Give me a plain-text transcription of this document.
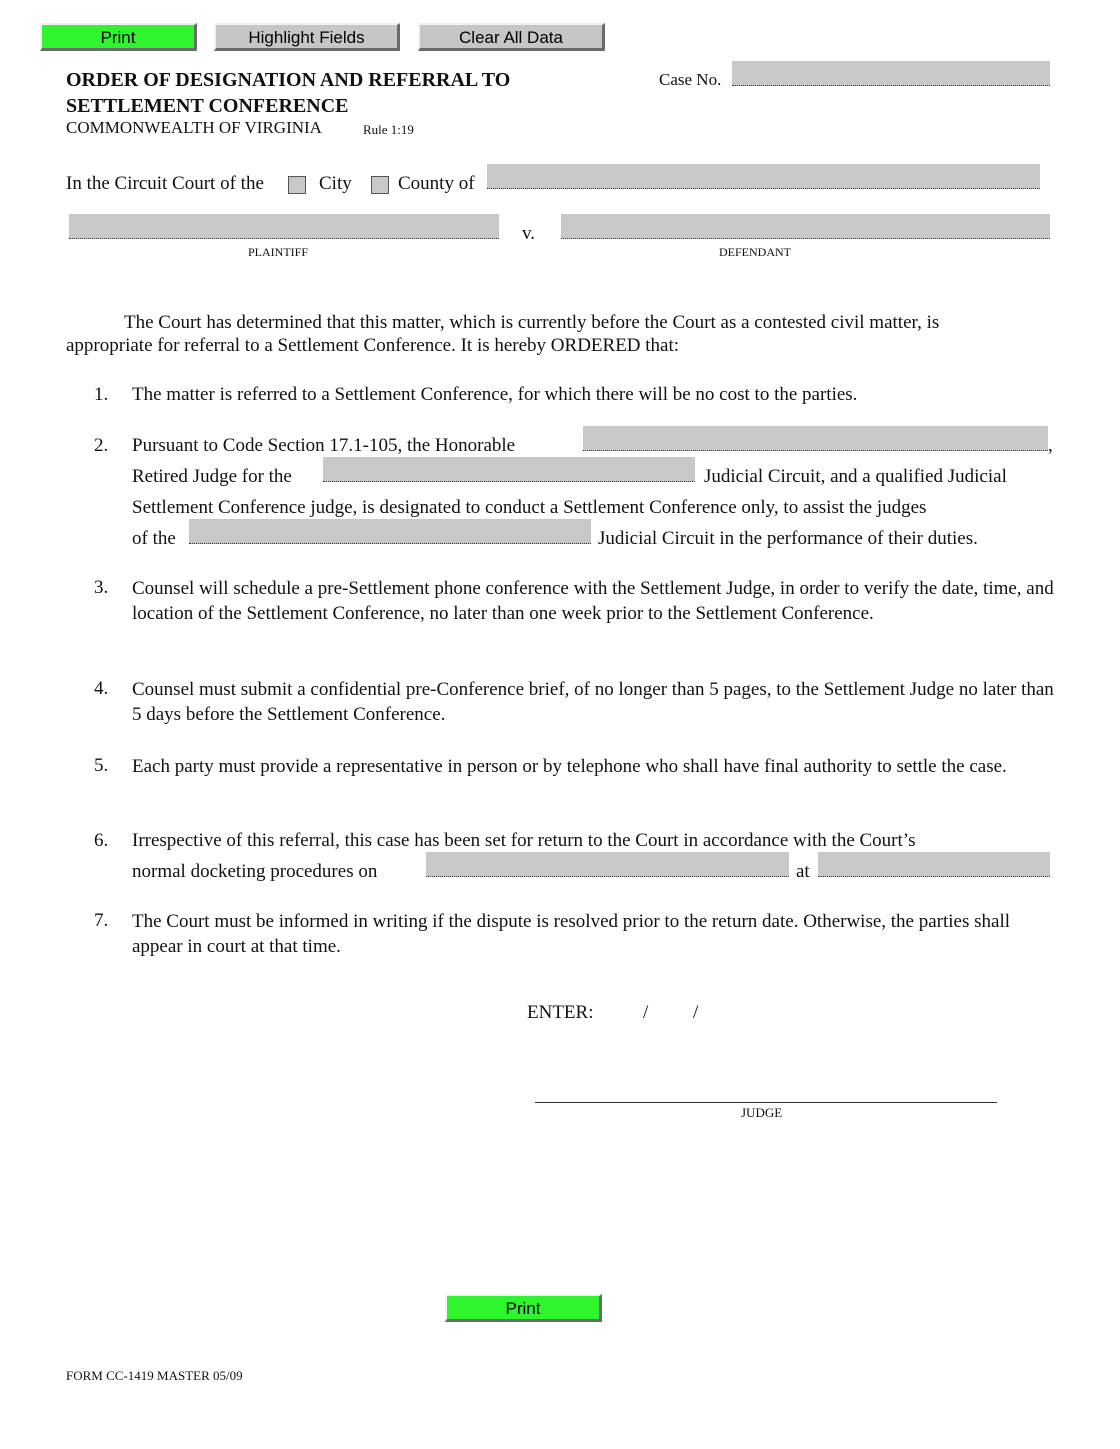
Print	Highlight Fields	Clear All Data
ORDER OF DESIGNATION AND REFERRAL TO
SETTLEMENT CONFERENCE
COMMONWEALTH OF VIRGINIA	Rule 1:19
Case No.
In the Circuit Court of the	City County of
v.
PLAINTIFF	DEFENDANT
The Court has determined that this matter, which is currently before the Court as a contested civil matter, is
appropriate for referral to a Settlement Conference. It is hereby ORDERED that:
1. The matter is referred to a Settlement Conference, for which there will be no cost to the parties.
2. Pursuant to Code Section 17.1-105, the Honorable	,
Retired Judge for the	Judicial Circuit, and a qualified Judicial
Settlement Conference judge, is designated to conduct a Settlement Conference only, to assist the judges
of the	Judicial Circuit in the performance of their duties.
3. Counsel will schedule a pre-Settlement phone conference with the Settlement Judge, in order to verify the date, time, and location of the Settlement Conference, no later than one week prior to the Settlement Conference.
4. Counsel must submit a confidential pre-Conference brief, of no longer than 5 pages, to the Settlement Judge no later than 5 days before the Settlement Conference.
5. Each party must provide a representative in person or by telephone who shall have final authority to settle the case.
6. Irrespective of this referral, this case has been set for return to the Court in accordance with the Court’s
normal docketing procedures on	at
7. The Court must be informed in writing if the dispute is resolved prior to the return date. Otherwise, the parties shall appear in court at that time.
ENTER:	/ /
JUDGE
Print
FORM CC-1419 MASTER 05/09
